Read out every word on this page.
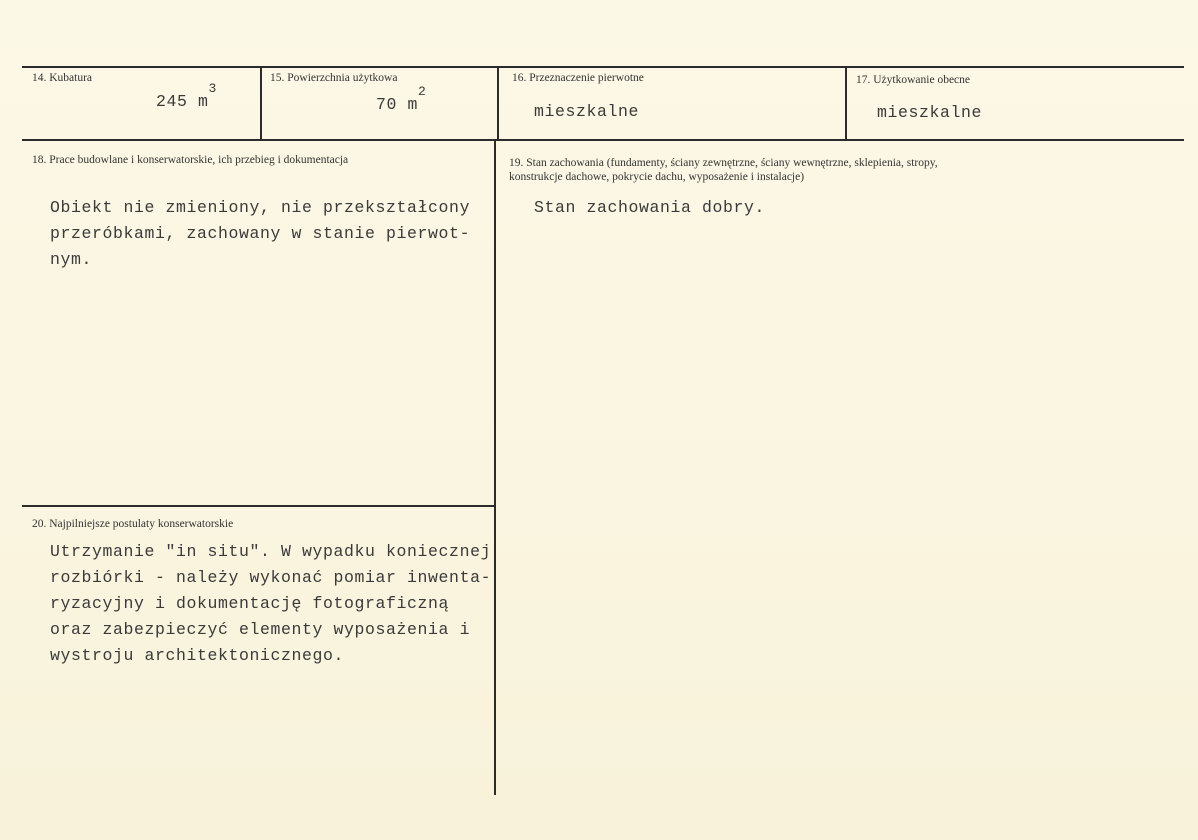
14. Kubatura
245 $m^3$
15. Powierzchnia użytkowa
70 $m^2$
16. Przeznaczenie pierwotne
mieszkalne
17. Użytkowanie obecne
mieszkalne
18. Prace budowlane i konserwatorskie, ich przebieg i dokumentacja
Obiekt nie zmieniony, nie przekształcony
przeróbkami, zachowany w stanie pierwot-
nym.
19. Stan zachowania (fundamenty, ściany zewnętrzne, ściany wewnętrzne, sklepienia, stropy,
konstrukcje dachowe, pokrycie dachu, wyposażenie i instalacje)
Stan zachowania dobry.
20. Najpilniejsze postulaty konserwatorskie
Utrzymanie "in situ". W wypadku koniecznej
rozbiórki - należy wykonać pomiar inwenta-
ryzacyjny i dokumentację fotograficzną
oraz zabezpieczyć elementy wyposażenia i
wystroju architektonicznego.
